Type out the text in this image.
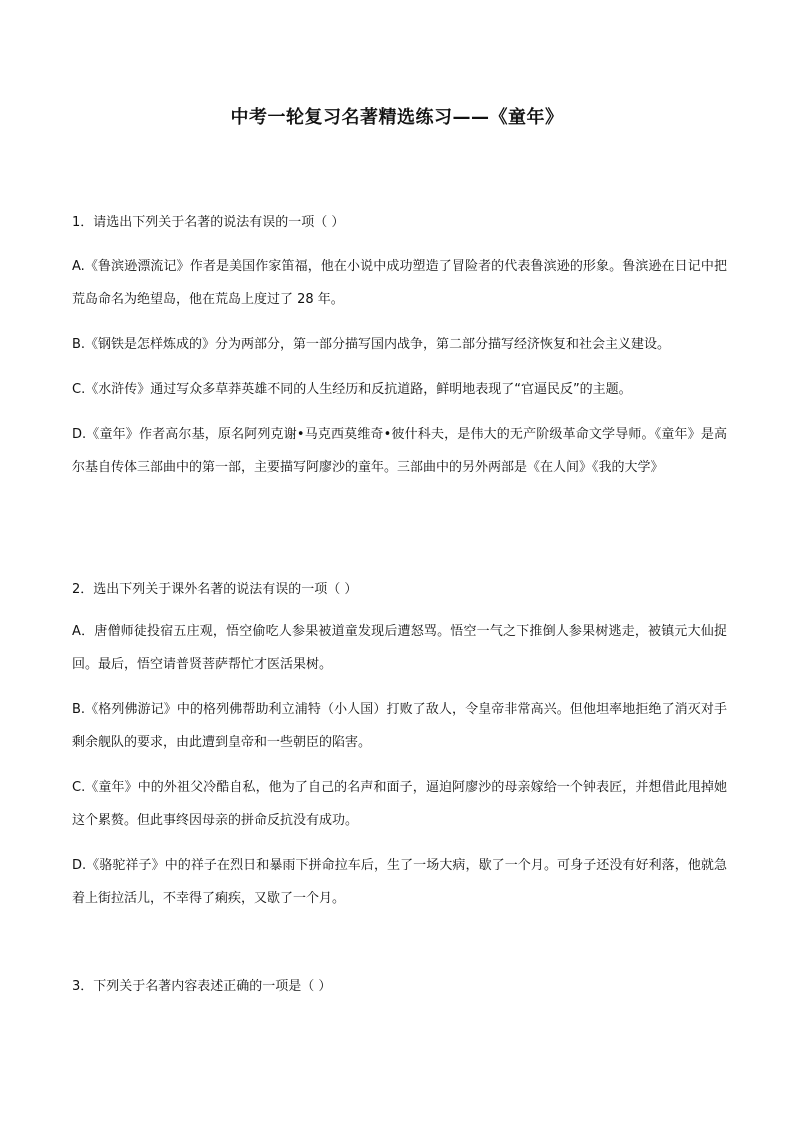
中考一轮复习名著精选练习——《童年》
1．请选出下列关于名著的说法有误的一项（ ）
A.《鲁滨逊漂流记》作者是美国作家笛福，他在小说中成功塑造了冒险者的代表鲁滨逊的形象。鲁滨逊在日记中把荒岛命名为绝望岛，他在荒岛上度过了 28 年。
B.《钢铁是怎样炼成的》分为两部分，第一部分描写国内战争，第二部分描写经济恢复和社会主义建设。
C.《水浒传》通过写众多草莽英雄不同的人生经历和反抗道路，鲜明地表现了“官逼民反”的主题。
D.《童年》作者高尔基，原名阿列克谢•马克西莫维奇•彼什科夫，是伟大的无产阶级革命文学导师。《童年》是高尔基自传体三部曲中的第一部，主要描写阿廖沙的童年。三部曲中的另外两部是《在人间》《我的大学》
2．选出下列关于课外名著的说法有误的一项（ ）
A．唐僧师徒投宿五庄观，悟空偷吃人参果被道童发现后遭怒骂。悟空一气之下推倒人参果树逃走，被镇元大仙捉回。最后，悟空请普贤菩萨帮忙才医活果树。
B.《格列佛游记》中的格列佛帮助利立浦特（小人国）打败了敌人，令皇帝非常高兴。但他坦率地拒绝了消灭对手剩余舰队的要求，由此遭到皇帝和一些朝臣的陷害。
C.《童年》中的外祖父冷酷自私，他为了自己的名声和面子，逼迫阿廖沙的母亲嫁给一个钟表匠，并想借此甩掉她这个累赘。但此事终因母亲的拼命反抗没有成功。
D.《骆驼祥子》中的祥子在烈日和暴雨下拼命拉车后，生了一场大病，歇了一个月。可身子还没有好利落，他就急着上街拉活儿，不幸得了痢疾，又歇了一个月。
3．下列关于名著内容表述正确的一项是（ ）
